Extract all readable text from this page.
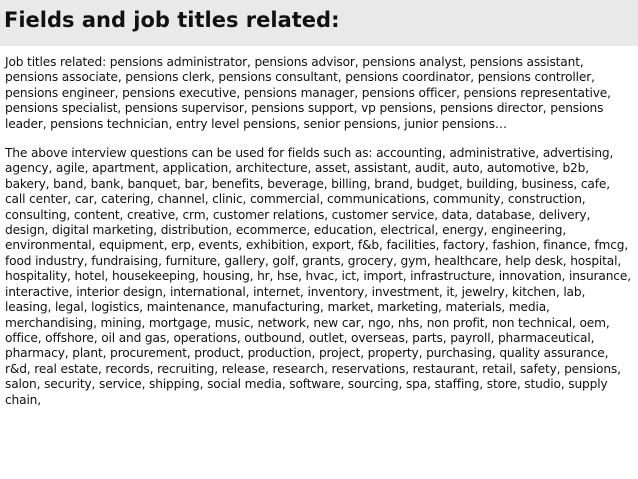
Fields and job titles related:

Job titles related: pensions administrator, pensions advisor, pensions analyst, pensions assistant, pensions associate, pensions clerk, pensions consultant, pensions coordinator, pensions controller, pensions engineer, pensions executive, pensions manager, pensions officer, pensions representative, pensions specialist, pensions supervisor, pensions support, vp pensions, pensions director, pensions leader, pensions technician, entry level pensions, senior pensions, junior pensions…

The above interview questions can be used for fields such as: accounting, administrative, advertising, agency, agile, apartment, application, architecture, asset, assistant, audit, auto, automotive, b2b, bakery, band, bank, banquet, bar, benefits, beverage, billing, brand, budget, building, business, cafe, call center, car, catering, channel, clinic, commercial, communications, community, construction, consulting, content, creative, crm, customer relations, customer service, data, database, delivery, design, digital marketing, distribution, ecommerce, education, electrical, energy, engineering, environmental, equipment, erp, events, exhibition, export, f&b, facilities, factory, fashion, finance, fmcg, food industry, fundraising, furniture, gallery, golf, grants, grocery, gym, healthcare, help desk, hospital, hospitality, hotel, housekeeping, housing, hr, hse, hvac, ict, import, infrastructure, innovation, insurance, interactive, interior design, international, internet, inventory, investment, it, jewelry, kitchen, lab, leasing, legal, logistics, maintenance, manufacturing, market, marketing, materials, media, merchandising, mining, mortgage, music, network, new car, ngo, nhs, non profit, non technical, oem, office, offshore, oil and gas, operations, outbound, outlet, overseas, parts, payroll, pharmaceutical, pharmacy, plant, procurement, product, production, project, property, purchasing, quality assurance, r&d, real estate, records, recruiting, release, research, reservations, restaurant, retail, safety, pensions, salon, security, service, shipping, social media, software, sourcing, spa, staffing, store, studio, supply chain,
